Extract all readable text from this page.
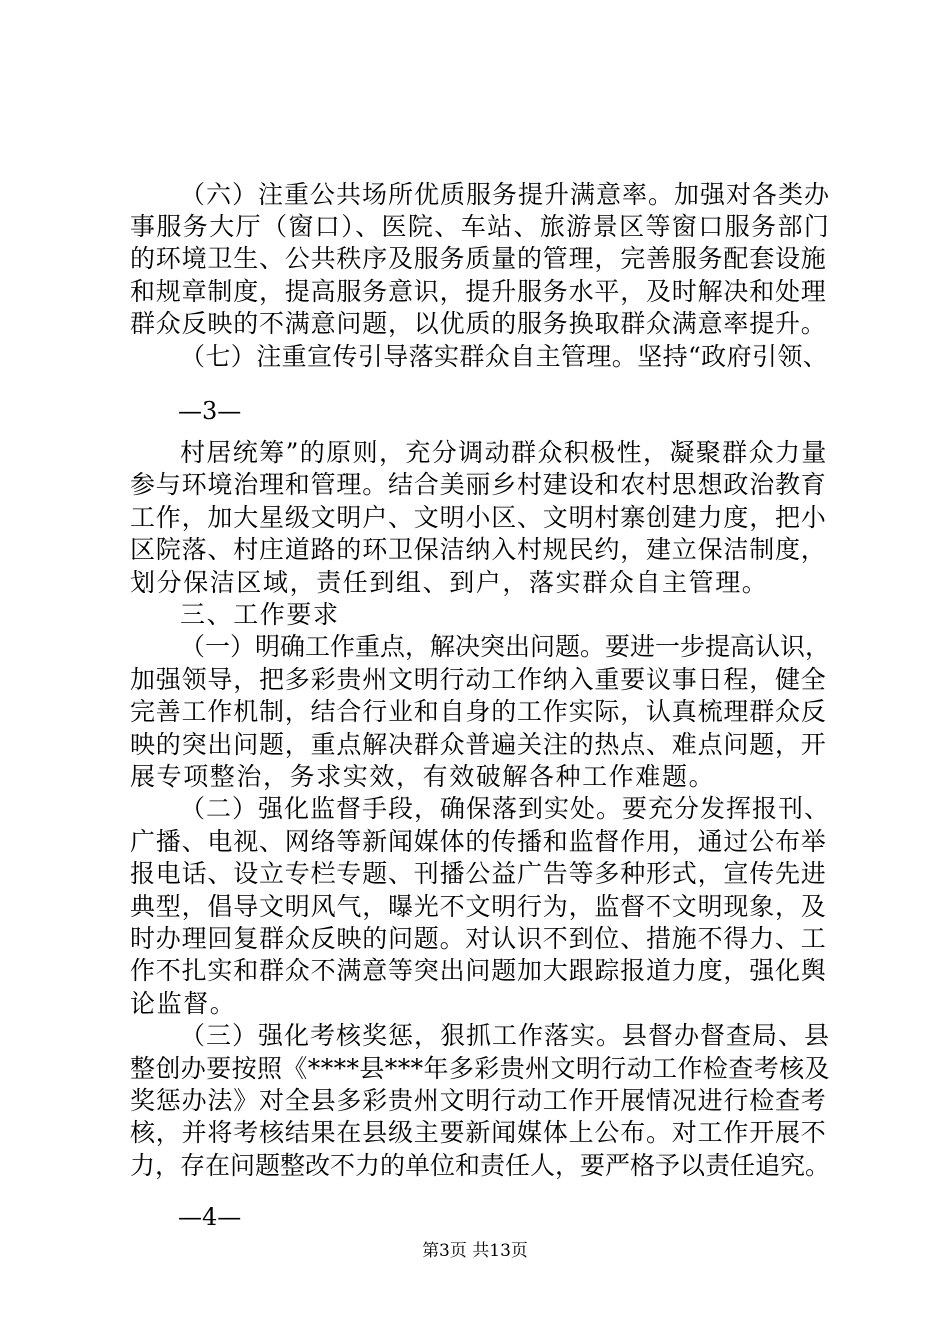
（六）注重公共场所优质服务提升满意率。加强对各类办
事服务大厅（窗口）、医院、车站、旅游景区等窗口服务部门
的环境卫生、公共秩序及服务质量的管理，完善服务配套设施
和规章制度，提高服务意识，提升服务水平，及时解决和处理
群众反映的不满意问题，以优质的服务换取群众满意率提升。
（七）注重宣传引导落实群众自主管理。坚持“政府引领、
—3—
村居统筹”的原则，充分调动群众积极性，凝聚群众力量
参与环境治理和管理。结合美丽乡村建设和农村思想政治教育
工作，加大星级文明户、文明小区、文明村寨创建力度，把小
区院落、村庄道路的环卫保洁纳入村规民约，建立保洁制度，
划分保洁区域，责任到组、到户，落实群众自主管理。
三、工作要求
（一）明确工作重点，解决突出问题。要进一步提高认识，
加强领导，把多彩贵州文明行动工作纳入重要议事日程，健全
完善工作机制，结合行业和自身的工作实际，认真梳理群众反
映的突出问题，重点解决群众普遍关注的热点、难点问题，开
展专项整治，务求实效，有效破解各种工作难题。
（二）强化监督手段，确保落到实处。要充分发挥报刊、
广播、电视、网络等新闻媒体的传播和监督作用，通过公布举
报电话、设立专栏专题、刊播公益广告等多种形式，宣传先进
典型，倡导文明风气，曝光不文明行为，监督不文明现象，及
时办理回复群众反映的问题。对认识不到位、措施不得力、工
作不扎实和群众不满意等突出问题加大跟踪报道力度，强化舆
论监督。
（三）强化考核奖惩，狠抓工作落实。县督办督查局、县
整创办要按照《****县***年多彩贵州文明行动工作检查考核及
奖惩办法》对全县多彩贵州文明行动工作开展情况进行检查考
核，并将考核结果在县级主要新闻媒体上公布。对工作开展不
力，存在问题整改不力的单位和责任人，要严格予以责任追究。
—4—
第3页 共13页
